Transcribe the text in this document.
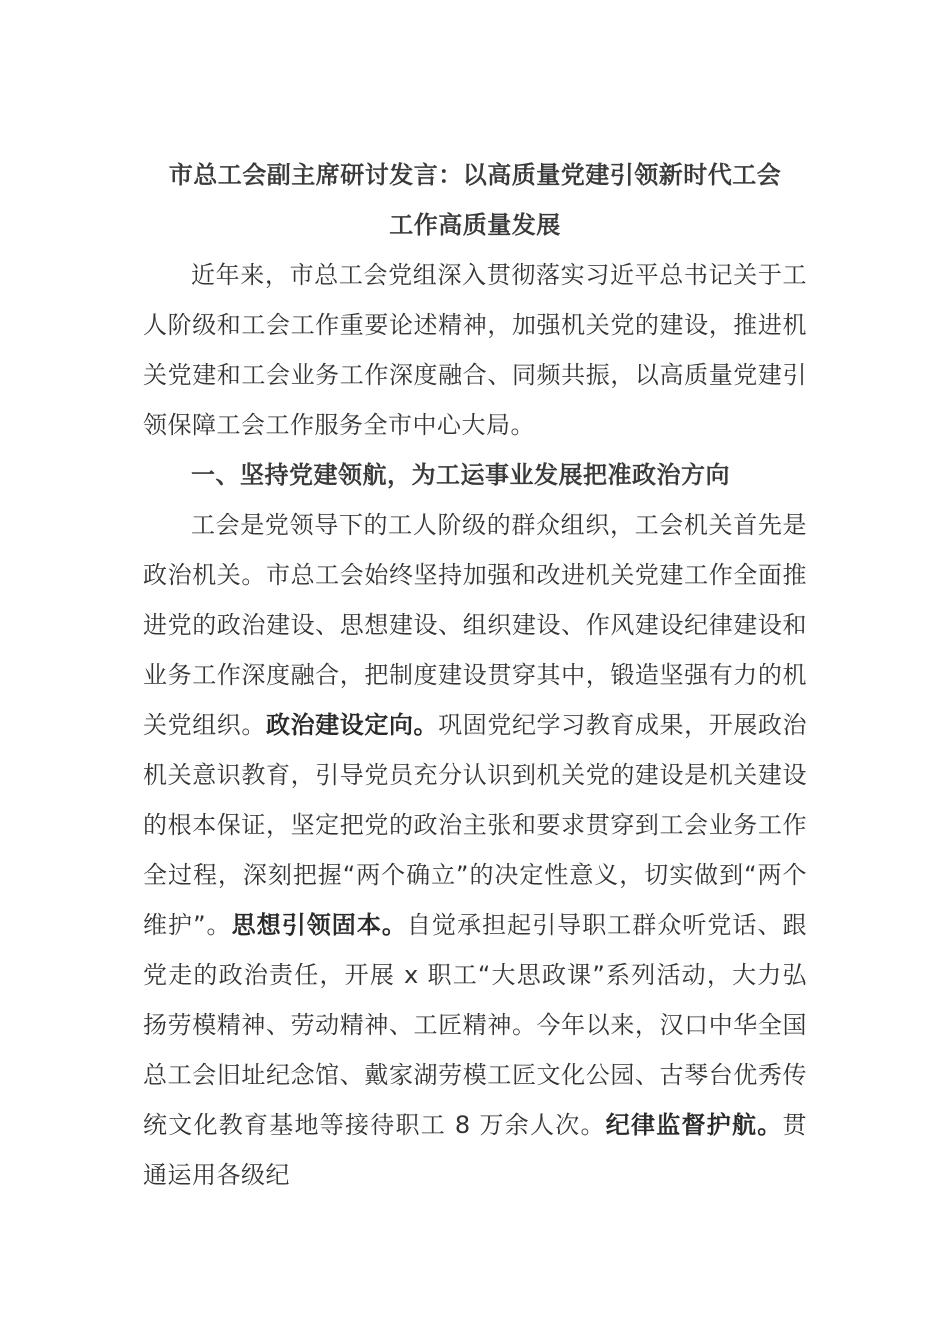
市总工会副主席研讨发言：以高质量党建引领新时代工会
工作高质量发展

近年来，市总工会党组深入贯彻落实习近平总书记关于工人阶级和工会工作重要论述精神，加强机关党的建设，推进机关党建和工会业务工作深度融合、同频共振，以高质量党建引领保障工会工作服务全市中心大局。

一、坚持党建领航，为工运事业发展把准政治方向

工会是党领导下的工人阶级的群众组织，工会机关首先是政治机关。市总工会始终坚持加强和改进机关党建工作全面推进党的政治建设、思想建设、组织建设、作风建设纪律建设和业务工作深度融合，把制度建设贯穿其中，锻造坚强有力的机关党组织。政治建设定向。巩固党纪学习教育成果，开展政治机关意识教育，引导党员充分认识到机关党的建设是机关建设的根本保证，坚定把党的政治主张和要求贯穿到工会业务工作全过程，深刻把握“两个确立”的决定性意义，切实做到“两个维护”。思想引领固本。自觉承担起引导职工群众听党话、跟党走的政治责任，开展 x 职工“大思政课”系列活动，大力弘扬劳模精神、劳动精神、工匠精神。今年以来，汉口中华全国总工会旧址纪念馆、戴家湖劳模工匠文化公园、古琴台优秀传统文化教育基地等接待职工 8 万余人次。纪律监督护航。贯通运用各级纪
